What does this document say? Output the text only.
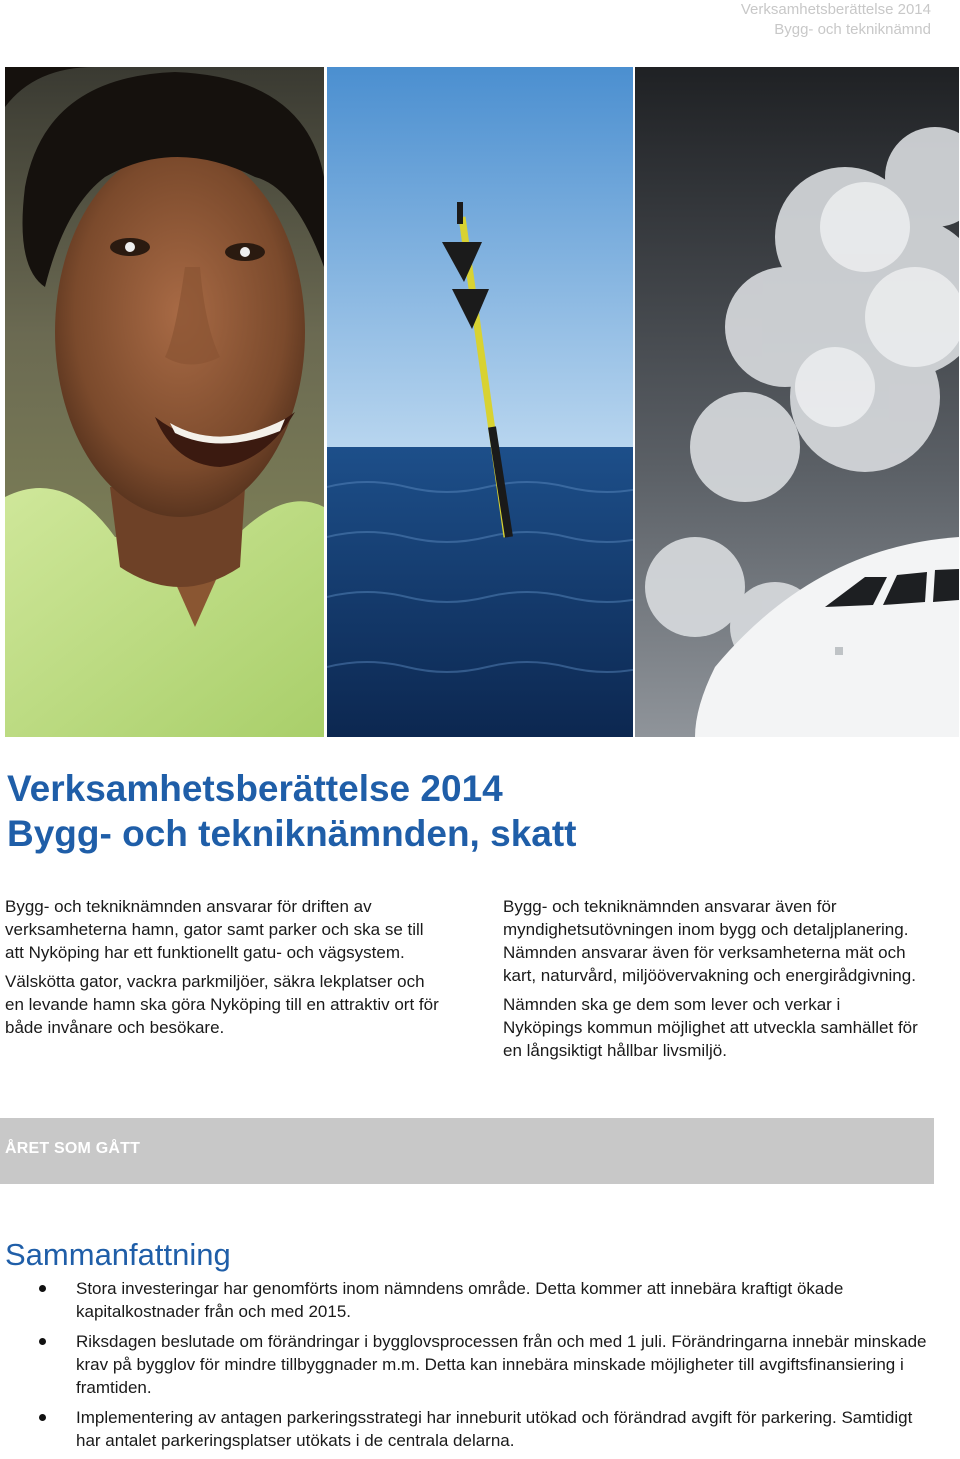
Verksamhetsberättelse 2014
Bygg- och tekniknämnd
Verksamhetsberättelse 2014
Bygg- och tekniknämnden, skatt

Bygg- och tekniknämnden ansvarar för driften av verksamheterna hamn, gator samt parker och ska se till att Nyköping har ett funktionellt gatu- och vägsystem.

Välskötta gator, vackra parkmiljöer, säkra lekplatser och en levande hamn ska göra Nyköping till en attraktiv ort för både invånare och besökare.

Bygg- och tekniknämnden ansvarar även för myndighetsutövningen inom bygg och detaljplanering. Nämnden ansvarar även för verksamheterna mät och kart, naturvård, miljöövervakning och energirådgivning.

Nämnden ska ge dem som lever och verkar i Nyköpings kommun möjlighet att utveckla samhället för en långsiktigt hållbar livsmiljö.

ÅRET SOM GÅTT
Sammanfattning
Stora investeringar har genomförts inom nämndens område. Detta kommer att innebära kraftigt ökade kapitalkostnader från och med 2015.
Riksdagen beslutade om förändringar i bygglovsprocessen från och med 1 juli. Förändringarna innebär minskade krav på bygglov för mindre tillbyggnader m.m. Detta kan innebära minskade möjligheter till avgiftsfinansiering i framtiden.
Implementering av antagen parkeringsstrategi har inneburit utökad och förändrad avgift för parkering. Samtidigt har antalet parkeringsplatser utökats i de centrala delarna.
